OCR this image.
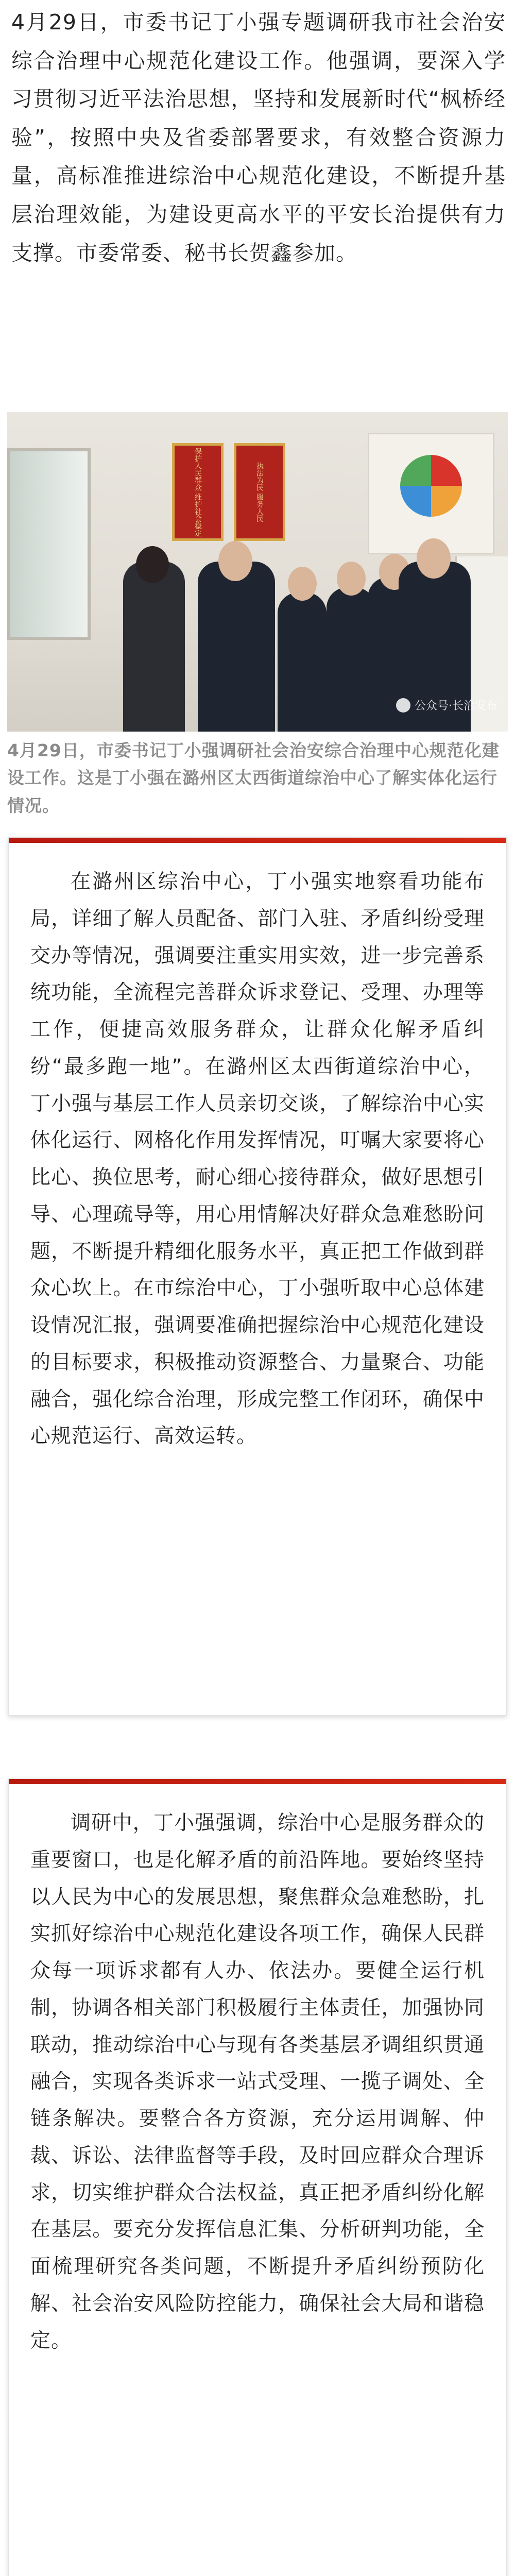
4月29日，市委书记丁小强专题调研我市社会治安综合治理中心规范化建设工作。他强调，要深入学习贯彻习近平法治思想，坚持和发展新时代“枫桥经验”，按照中央及省委部署要求，有效整合资源力量，高标准推进综治中心规范化建设，不断提升基层治理效能，为建设更高水平的平安长治提供有力支撑。市委常委、秘书长贺鑫参加。

保护人民群众 维护社会稳定	执法为民 服务人民
公众号·长治发布

4月29日，市委书记丁小强调研社会治安综合治理中心规范化建设工作。这是丁小强在潞州区太西街道综治中心了解实体化运行情况。

在潞州区综治中心，丁小强实地察看功能布局，详细了解人员配备、部门入驻、矛盾纠纷受理交办等情况，强调要注重实用实效，进一步完善系统功能，全流程完善群众诉求登记、受理、办理等工作，便捷高效服务群众，让群众化解矛盾纠纷“最多跑一地”。在潞州区太西街道综治中心，丁小强与基层工作人员亲切交谈，了解综治中心实体化运行、网格化作用发挥情况，叮嘱大家要将心比心、换位思考，耐心细心接待群众，做好思想引导、心理疏导等，用心用情解决好群众急难愁盼问题，不断提升精细化服务水平，真正把工作做到群众心坎上。在市综治中心，丁小强听取中心总体建设情况汇报，强调要准确把握综治中心规范化建设的目标要求，积极推动资源整合、力量聚合、功能融合，强化综合治理，形成完整工作闭环，确保中心规范运行、高效运转。

调研中，丁小强强调，综治中心是服务群众的重要窗口，也是化解矛盾的前沿阵地。要始终坚持以人民为中心的发展思想，聚焦群众急难愁盼，扎实抓好综治中心规范化建设各项工作，确保人民群众每一项诉求都有人办、依法办。要健全运行机制，协调各相关部门积极履行主体责任，加强协同联动，推动综治中心与现有各类基层矛调组织贯通融合，实现各类诉求一站式受理、一揽子调处、全链条解决。要整合各方资源，充分运用调解、仲裁、诉讼、法律监督等手段，及时回应群众合理诉求，切实维护群众合法权益，真正把矛盾纠纷化解在基层。要充分发挥信息汇集、分析研判功能，全面梳理研究各类问题，不断提升矛盾纠纷预防化解、社会治安风险防控能力，确保社会大局和谐稳定。
